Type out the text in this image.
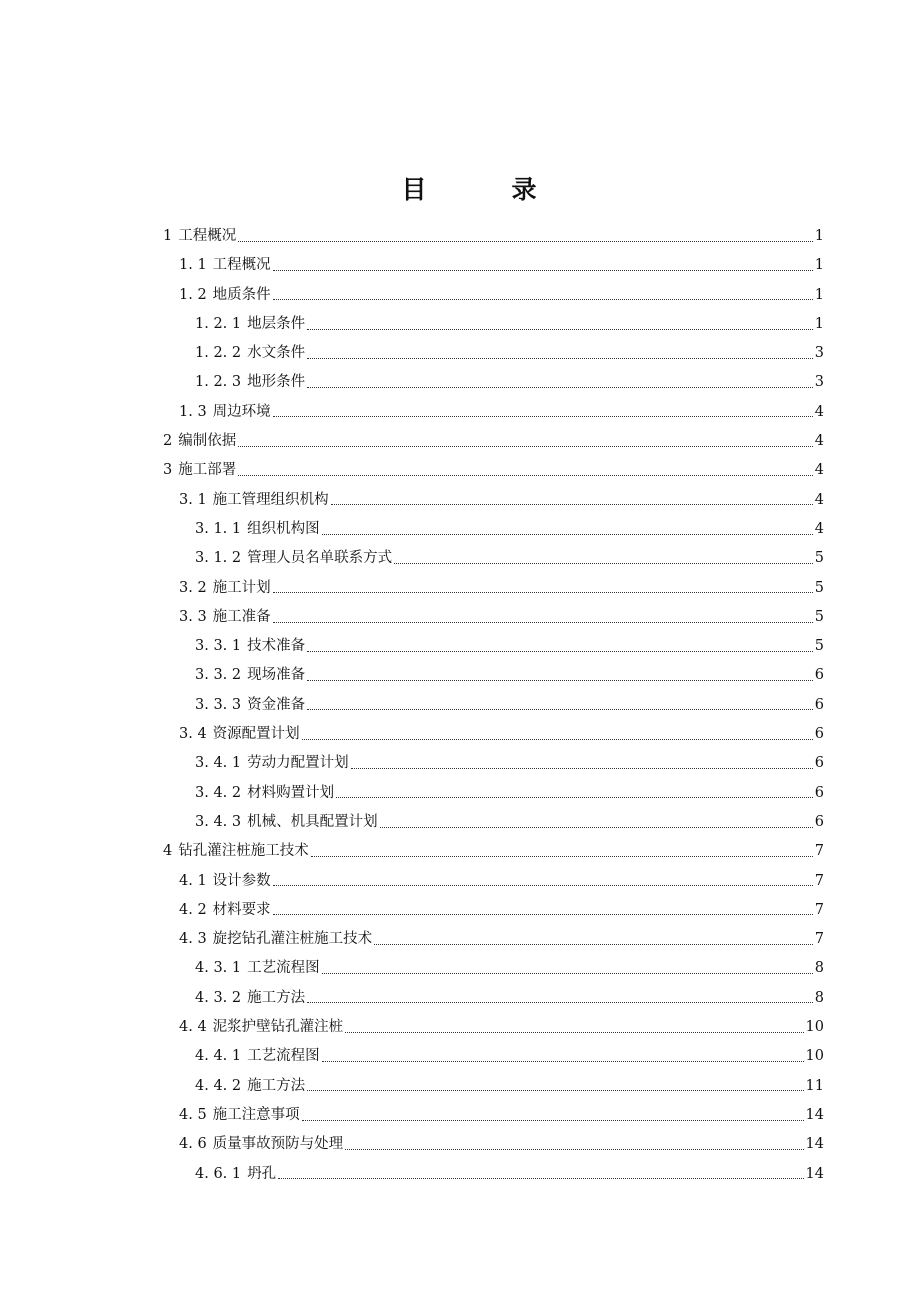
目　录
1 工程概况	1
1. 1 工程概况	1
1. 2 地质条件	1
1. 2. 1 地层条件	1
1. 2. 2 水文条件	3
1. 2. 3 地形条件	3
1. 3 周边环境	4
2 编制依据	4
3 施工部署	4
3. 1 施工管理组织机构	4
3. 1. 1 组织机构图	4
3. 1. 2 管理人员名单联系方式	5
3. 2 施工计划	5
3. 3 施工准备	5
3. 3. 1 技术准备	5
3. 3. 2 现场准备	6
3. 3. 3 资金准备	6
3. 4 资源配置计划	6
3. 4. 1 劳动力配置计划	6
3. 4. 2 材料购置计划	6
3. 4. 3 机械、机具配置计划	6
4 钻孔灌注桩施工技术	7
4. 1 设计参数	7
4. 2 材料要求	7
4. 3 旋挖钻孔灌注桩施工技术	7
4. 3. 1 工艺流程图	8
4. 3. 2 施工方法	8
4. 4 泥浆护壁钻孔灌注桩	10
4. 4. 1 工艺流程图	10
4. 4. 2 施工方法	11
4. 5 施工注意事项	14
4. 6 质量事故预防与处理	14
4. 6. 1 坍孔	14
